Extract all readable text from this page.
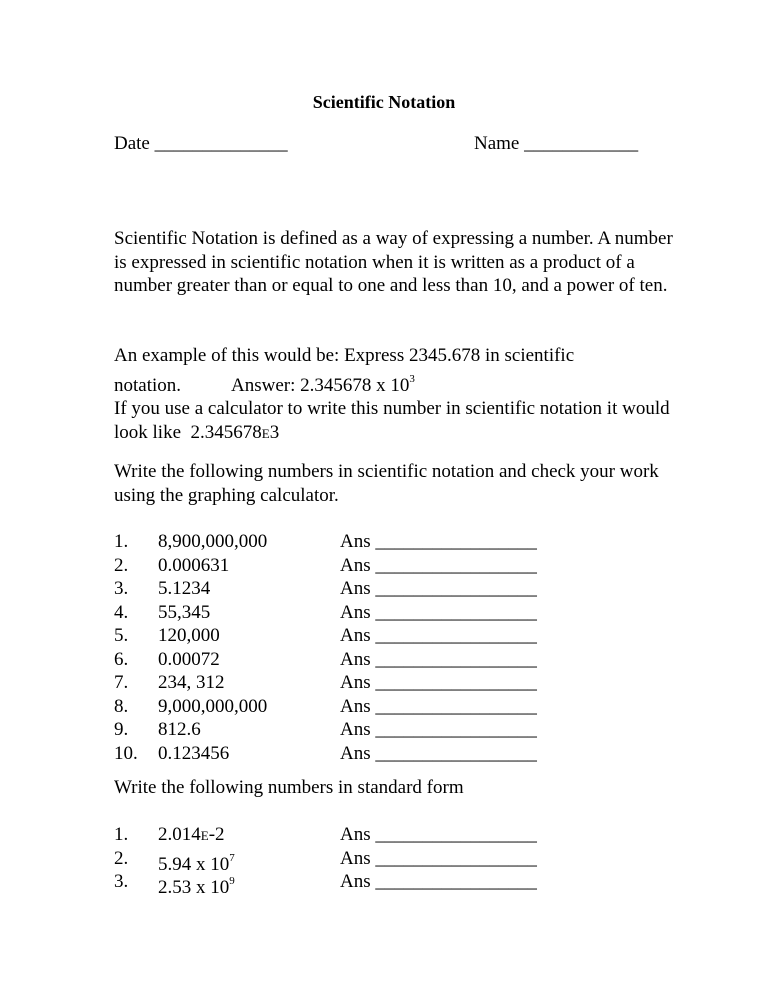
Scientific Notation
Date ______________	Name ____________

Scientific Notation is defined as a way of expressing a number. A number is expressed in scientific notation when it is written as a product of a number greater than or equal to one and less than 10, and a power of ten.

An example of this would be: Express 2345.678 in scientific

notation.	Answer: 2.345678 x $10^3$

If you use a calculator to write this number in scientific notation it would look like 2.345678E3

Write the following numbers in scientific notation and check your work using the graphing calculator.

1. 8,900,000,000	Ans _________________
2. 0.000631	Ans _________________
3. 5.1234	Ans _________________
4. 55,345	Ans _________________
5. 120,000	Ans _________________
6. 0.00072	Ans _________________
7. 234, 312	Ans _________________
8. 9,000,000,000	Ans _________________
9. 812.6	Ans _________________
10. 0.123456	Ans _________________
Write the following numbers in standard form
1. 2.014E-2	Ans _________________
2. 5.94 x $10^7$	Ans _________________
3. 2.53 x $10^9$	Ans _________________
